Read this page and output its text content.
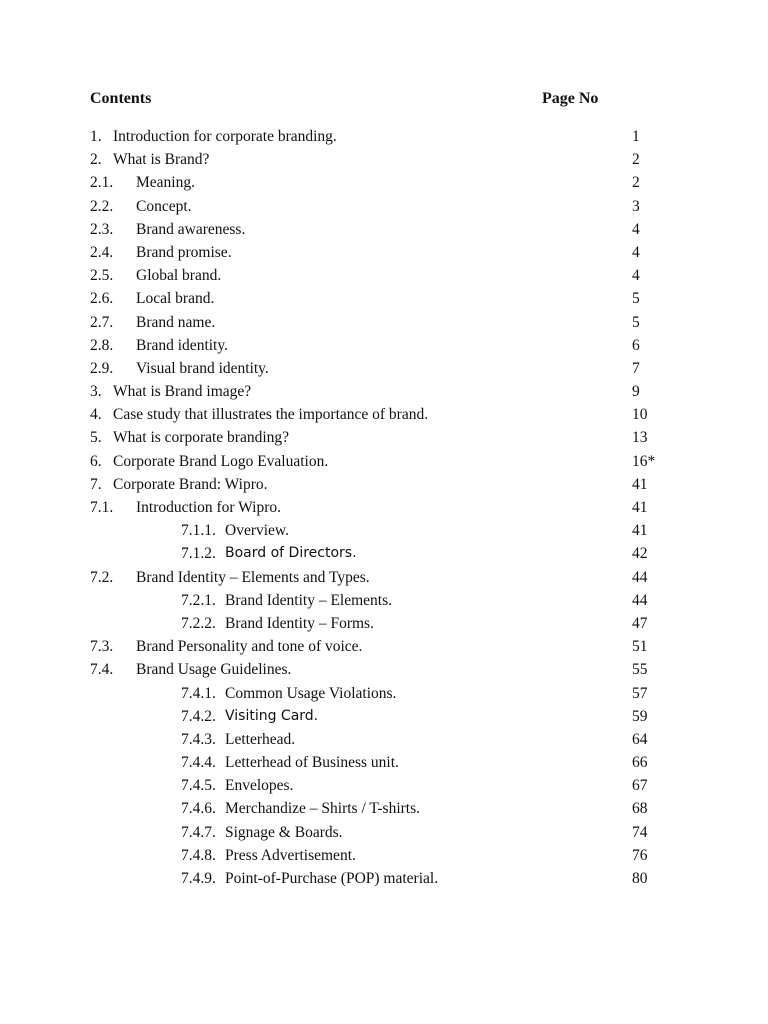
Contents	Page No
1. Introduction for corporate branding.	1
2. What is Brand?	2
2.1. Meaning.	2
2.2. Concept.	3
2.3. Brand awareness.	4
2.4. Brand promise.	4
2.5. Global brand.	4
2.6. Local brand.	5
2.7. Brand name.	5
2.8. Brand identity.	6
2.9. Visual brand identity.	7
3. What is Brand image?	9
4. Case study that illustrates the importance of brand.	10
5. What is corporate branding?	13
6. Corporate Brand Logo Evaluation.	16*
7. Corporate Brand: Wipro.	41
7.1. Introduction for Wipro.	41
7.1.1. Overview.	41
7.1.2. Board of Directors.	42
7.2. Brand Identity – Elements and Types.	44
7.2.1. Brand Identity – Elements.	44
7.2.2. Brand Identity – Forms.	47
7.3. Brand Personality and tone of voice.	51
7.4. Brand Usage Guidelines.	55
7.4.1. Common Usage Violations.	57
7.4.2. Visiting Card.	59
7.4.3. Letterhead.	64
7.4.4. Letterhead of Business unit.	66
7.4.5. Envelopes.	67
7.4.6. Merchandize – Shirts / T-shirts.	68
7.4.7. Signage & Boards.	74
7.4.8. Press Advertisement.	76
7.4.9. Point-of-Purchase (POP) material.	80
